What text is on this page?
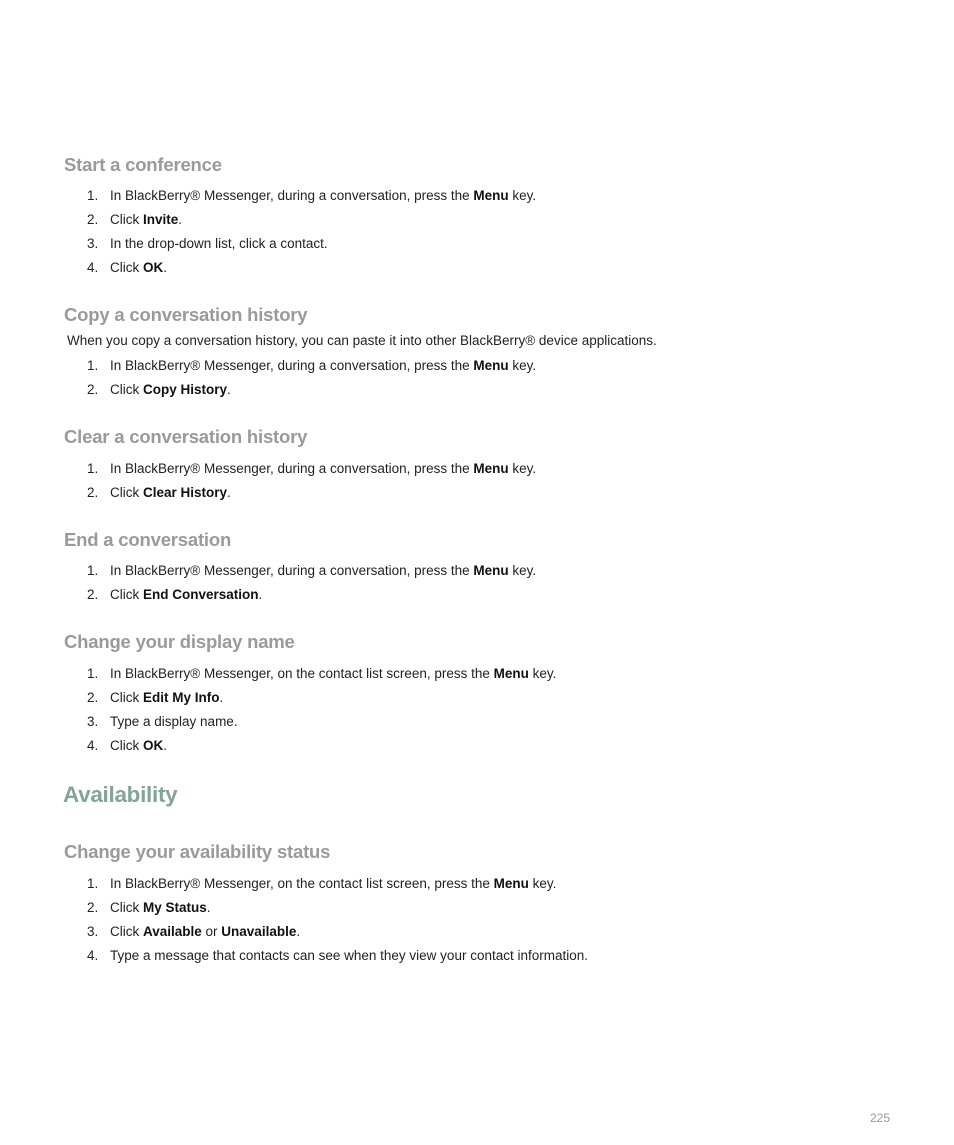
Start a conference
1. In BlackBerry® Messenger, during a conversation, press the Menu key.
2. Click Invite.
3. In the drop-down list, click a contact.
4. Click OK.
Copy a conversation history

When you copy a conversation history, you can paste it into other BlackBerry® device applications.

1. In BlackBerry® Messenger, during a conversation, press the Menu key.
2. Click Copy History.
Clear a conversation history
1. In BlackBerry® Messenger, during a conversation, press the Menu key.
2. Click Clear History.
End a conversation
1. In BlackBerry® Messenger, during a conversation, press the Menu key.
2. Click End Conversation.
Change your display name
1. In BlackBerry® Messenger, on the contact list screen, press the Menu key.
2. Click Edit My Info.
3. Type a display name.
4. Click OK.
Availability
Change your availability status
1. In BlackBerry® Messenger, on the contact list screen, press the Menu key.
2. Click My Status.
3. Click Available or Unavailable.
4. Type a message that contacts can see when they view your contact information.
225
